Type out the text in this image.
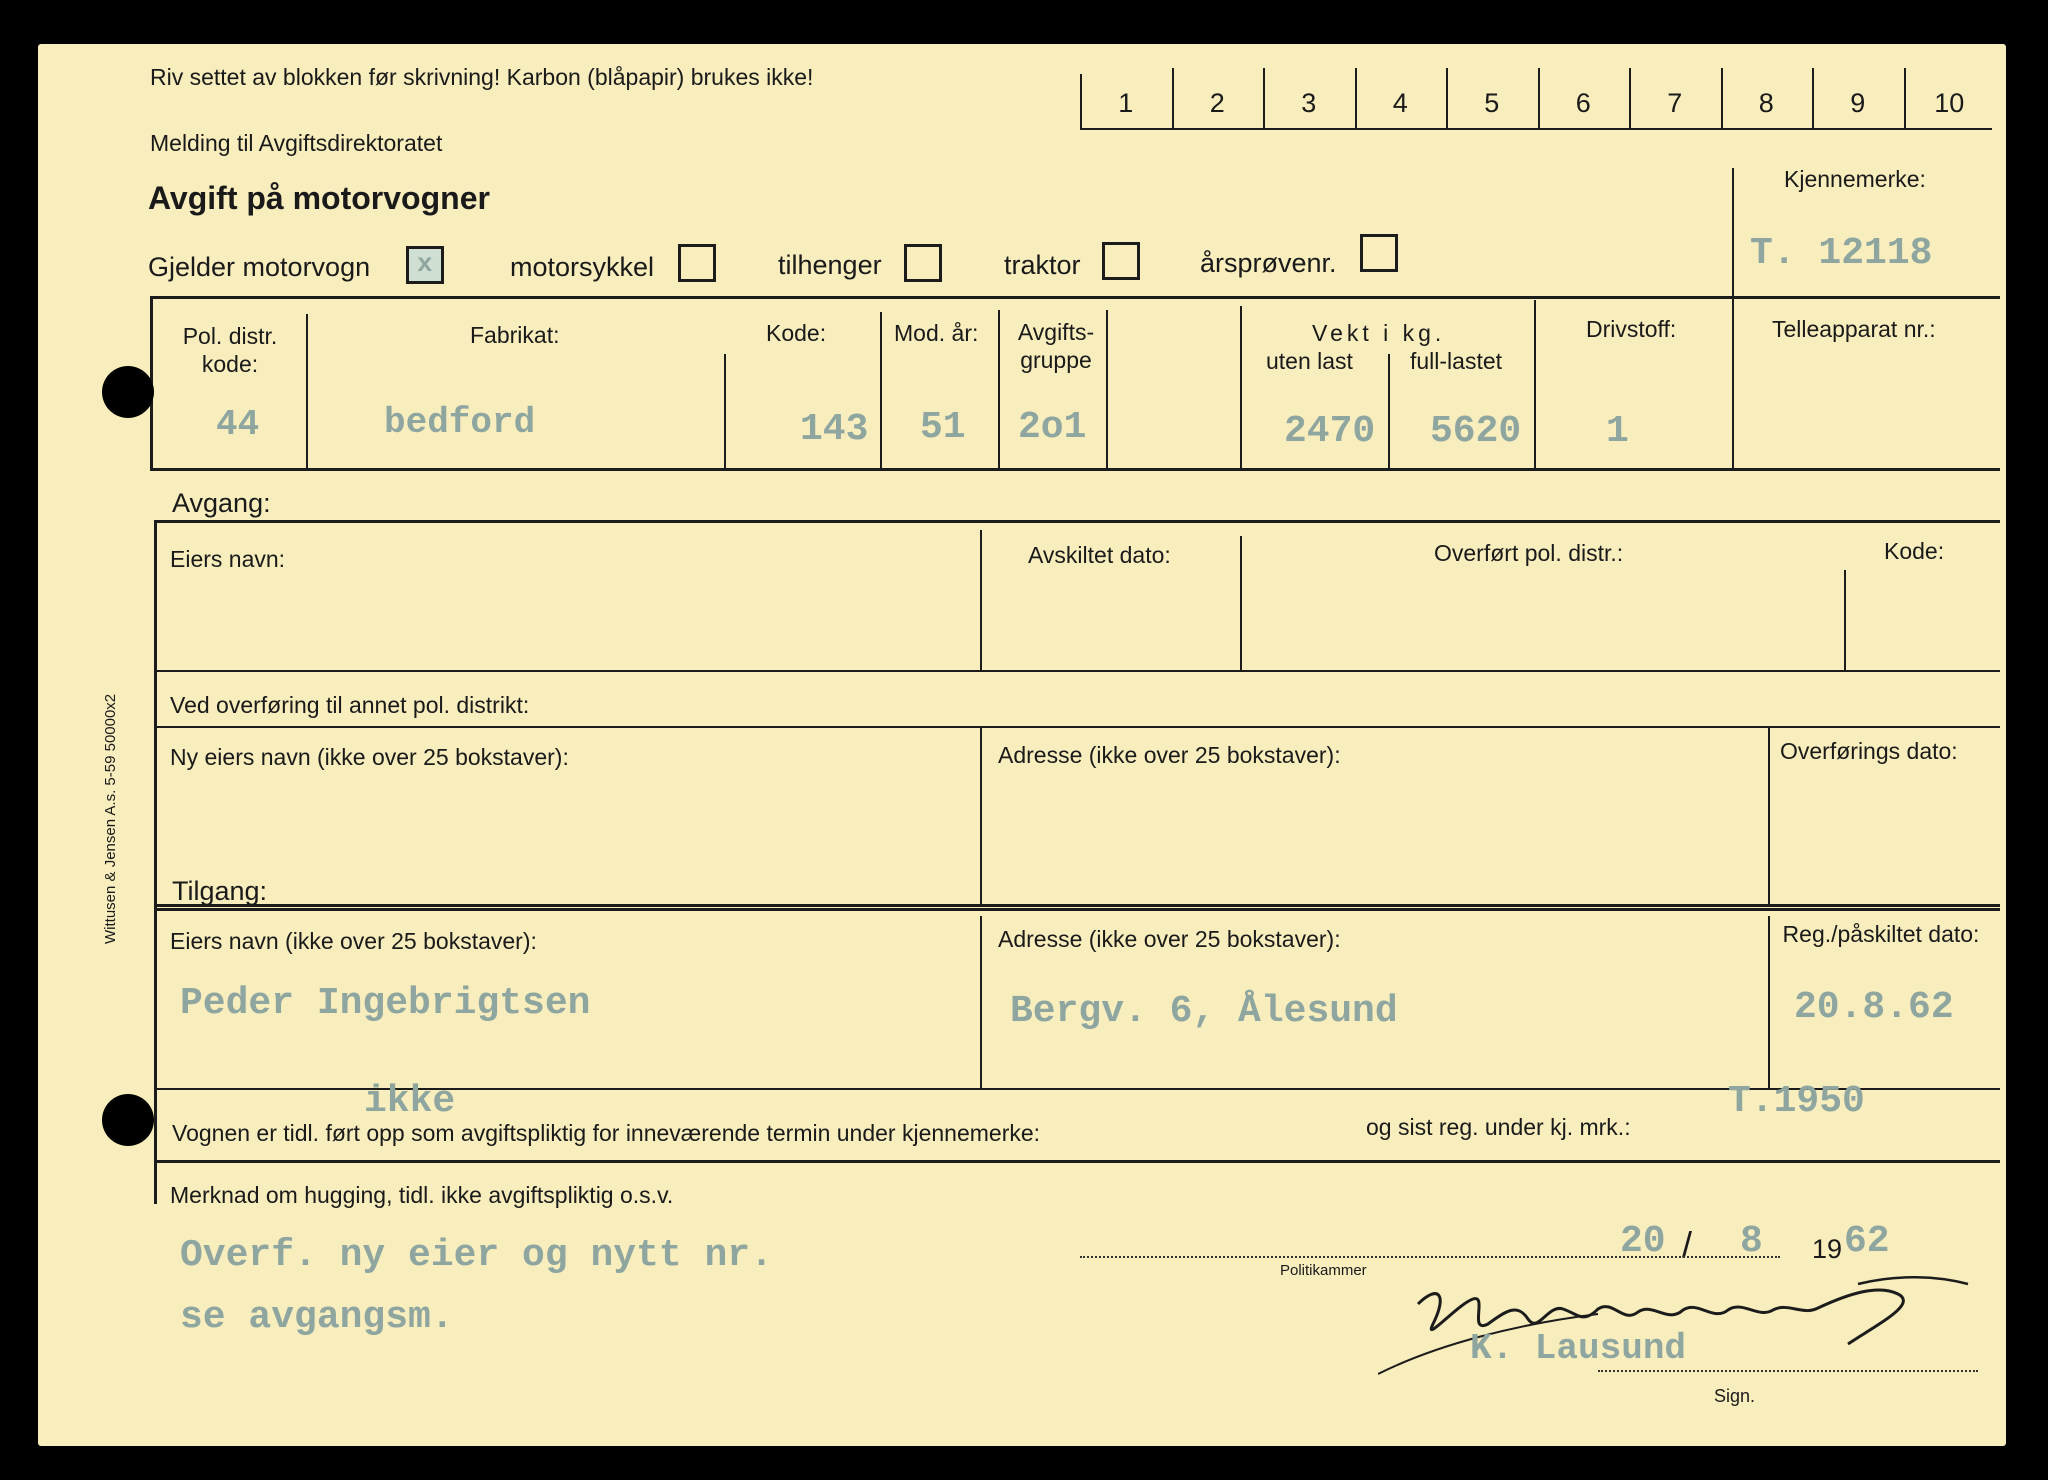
Riv settet av blokken før skrivning! Karbon (blåpapir) brukes ikke!
Melding til Avgiftsdirektoratet
Avgift på motorvogner
1	2	3	4	5	6	7	8	9	10
Gjelder motorvogn x	motorsykkel	tilhenger	traktor	årsprøvenr.
Kjennemerke:
T. 12118
Pol. distr. kode:
44
Fabrikat:
bedford
Kode:
143
Mod. år:
51
Avgifts- gruppe
2o1
Vekt i kg.
uten last full-lastet
2470 5620
Drivstoff:
1
Telleapparat nr.:
Avgang:
Eiers navn:	Avskiltet dato:	Overført pol. distr.:	Kode:
Ved overføring til annet pol. distrikt:
Ny eiers navn (ikke over 25 bokstaver):	Adresse (ikke over 25 bokstaver):	Overførings dato:
Tilgang:
Eiers navn (ikke over 25 bokstaver):
Peder Ingebrigtsen
Adresse (ikke over 25 bokstaver):
Bergv. 6, Ålesund
Reg./påskiltet dato:
20.8.62
ikke
Vognen er tidl. ført opp som avgiftspliktig for inneværende termin under kjennemerke:	og sist reg. under kj. mrk.:
T.1950
Merknad om hugging, tidl. ikke avgiftspliktig o.s.v.
Overf. ny eier og nytt nr.
se avgangsm.
20 / 8 19 62
Politikammer
K. Lausund
Sign.
Wittusen & Jensen A.s. 5-59 50000x2
